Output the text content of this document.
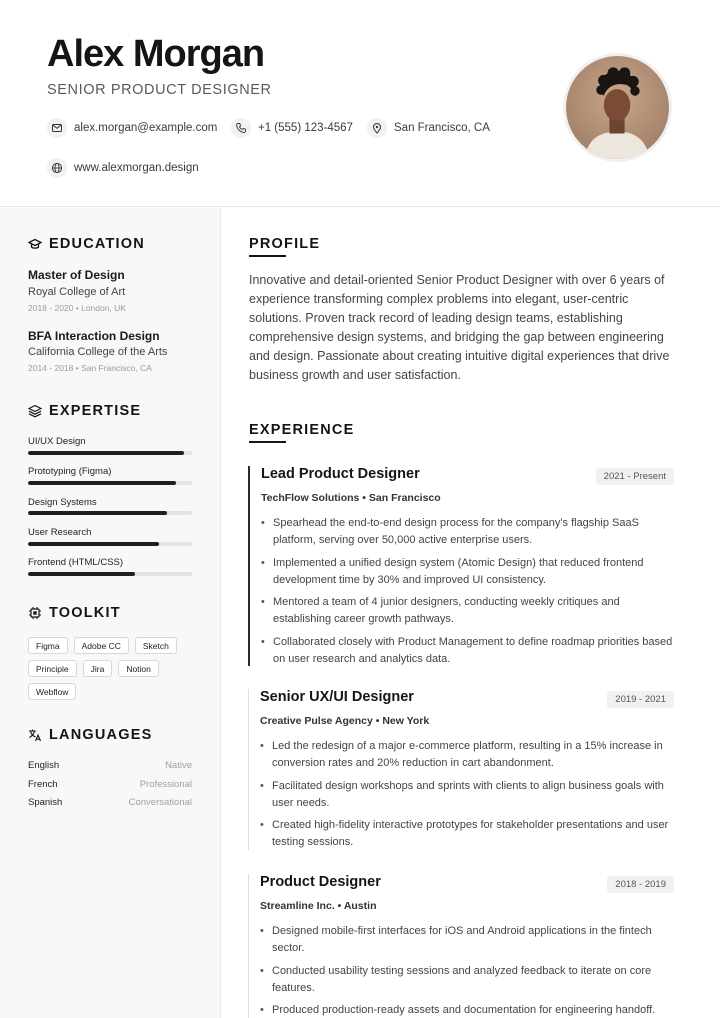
Alex Morgan
SENIOR PRODUCT DESIGNER
alex.morgan@example.com	+1 (555) 123-4567	San Francisco, CA
www.alexmorgan.design
EDUCATION
Master of Design
Royal College of Art
2018 - 2020 • London, UK
BFA Interaction Design
California College of the Arts
2014 - 2018 • San Francisco, CA
EXPERTISE
UI/UX Design
Prototyping (Figma)
Design Systems
User Research
Frontend (HTML/CSS)
TOOLKIT
Figma	Adobe CC	Sketch
Principle	Jira	Notion
Webflow
LANGUAGES
English	Native
French	Professional
Spanish	Conversational
PROFILE
Innovative and detail-oriented Senior Product Designer with over 6 years of experience transforming complex problems into elegant, user-centric solutions. Proven track record of leading design teams, establishing comprehensive design systems, and bridging the gap between engineering and design. Passionate about creating intuitive digital experiences that drive business growth and user satisfaction.
EXPERIENCE
Lead Product Designer	2021 - Present
TechFlow Solutions • San Francisco
• Spearhead the end-to-end design process for the company's flagship SaaS platform, serving over 50,000 active enterprise users.
• Implemented a unified design system (Atomic Design) that reduced frontend development time by 30% and improved UI consistency.
• Mentored a team of 4 junior designers, conducting weekly critiques and establishing career growth pathways.
• Collaborated closely with Product Management to define roadmap priorities based on user research and analytics data.
Senior UX/UI Designer	2019 - 2021
Creative Pulse Agency • New York
• Led the redesign of a major e-commerce platform, resulting in a 15% increase in conversion rates and 20% reduction in cart abandonment.
• Facilitated design workshops and sprints with clients to align business goals with user needs.
• Created high-fidelity interactive prototypes for stakeholder presentations and user testing sessions.
Product Designer	2018 - 2019
Streamline Inc. • Austin
• Designed mobile-first interfaces for iOS and Android applications in the fintech sector.
• Conducted usability testing sessions and analyzed feedback to iterate on core features.
• Produced production-ready assets and documentation for engineering handoff.
